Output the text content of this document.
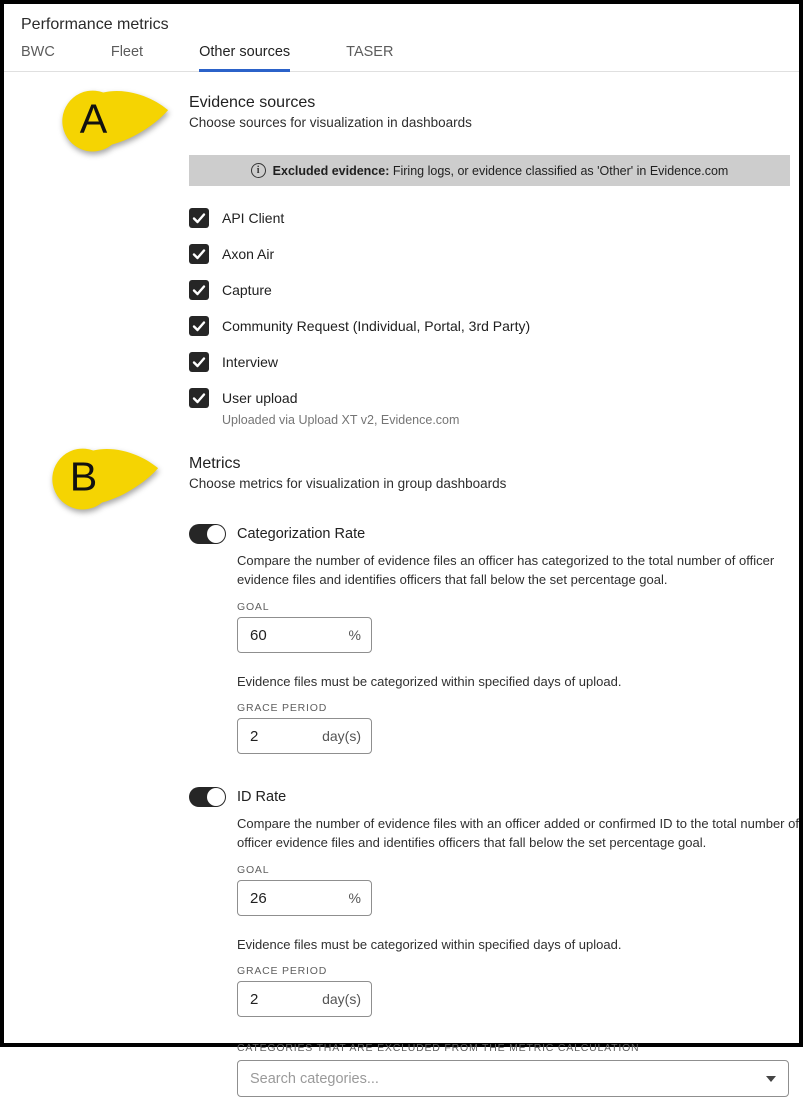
Performance metrics
BWC	Fleet	Other sources	TASER
A
B
Evidence sources
Choose sources for visualization in dashboards
i	Excluded evidence: Firing logs, or evidence classified as 'Other' in Evidence.com
API Client
Axon Air
Capture
Community Request (Individual, Portal, 3rd Party)
Interview
User upload
Uploaded via Upload XT v2, Evidence.com
Metrics
Choose metrics for visualization in group dashboards
Categorization Rate
Compare the number of evidence files an officer has categorized to the total number of officer evidence files and identifies officers that fall below the set percentage goal.
GOAL
60
%
Evidence files must be categorized within specified days of upload.
GRACE PERIOD
2
day(s)
ID Rate
Compare the number of evidence files with an officer added or confirmed ID to the total number of officer evidence files and identifies officers that fall below the set percentage goal.
GOAL
26
%
Evidence files must be categorized within specified days of upload.
GRACE PERIOD
2
day(s)
CATEGORIES THAT ARE EXCLUDED FROM THE METRIC CALCULATION
Search categories...
